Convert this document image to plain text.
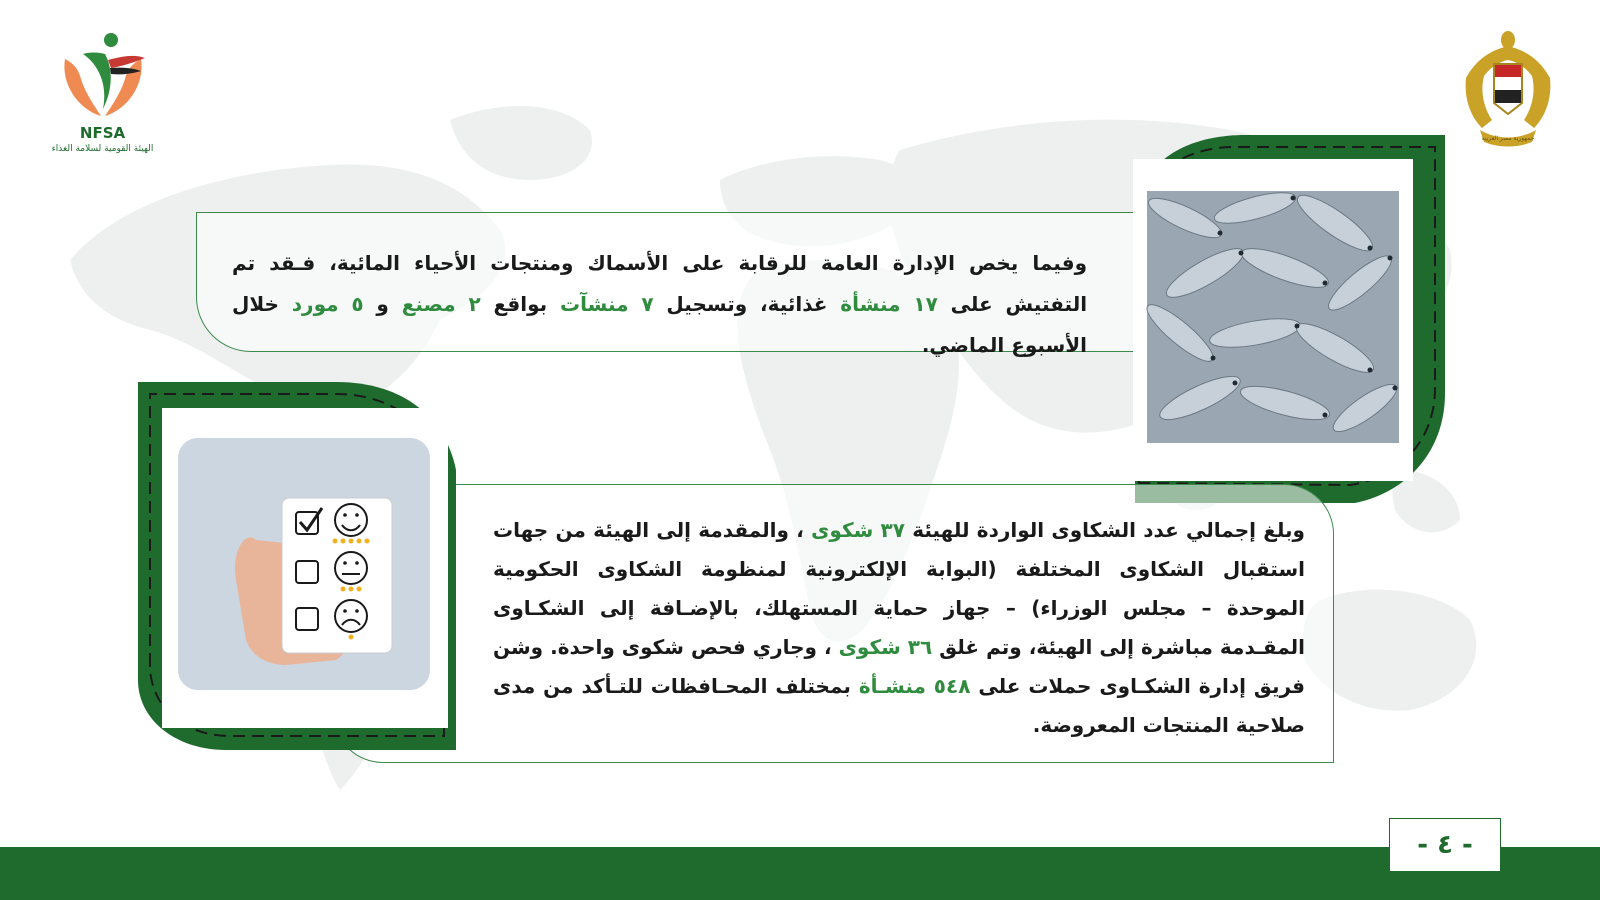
NFSA
الهيئة القومية لسلامة الغذاء
جمهورية مصر العربية

وفيما يخص الإدارة العامة للرقابة على الأسماك ومنتجات الأحياء المائية، فـقد تم التفتيش على ١٧ منشأة غذائية، وتسجيل ٧ منشآت بواقع ٢ مصنع و ٥ مورد خلال الأسبوع الماضي.

وبلغ إجمالي عدد الشكاوى الواردة للهيئة ٣٧ شكوى ، والمقدمة إلى الهيئة من جهات استقبال الشكاوى المختلفة (البوابة الإلكترونية لمنظومة الشكاوى الحكومية الموحدة – مجلس الوزراء) – جهاز حماية المستهلك، بالإضـافة إلى الشكـاوى المقـدمة مباشرة إلى الهيئة، وتم غلق ٣٦ شكوى ، وجاري فحص شكوى واحدة. وشن فريق إدارة الشكـاوى حملات على ٥٤٨ منشـأة بمختلف المحـافظات للتـأكد من مدى صلاحية المنتجات المعروضة.

- ٤ -
